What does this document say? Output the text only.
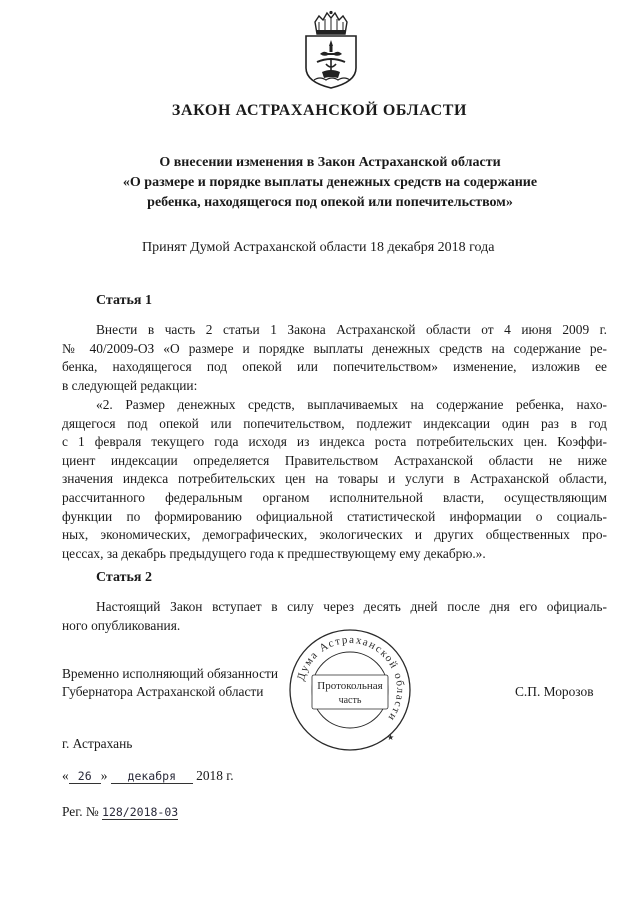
ЗАКОН АСТРАХАНСКОЙ ОБЛАСТИ
О внесении изменения в Закон Астраханской области
«О размере и порядке выплаты денежных средств на содержание
ребенка, находящегося под опекой или попечительством»
Принят Думой Астраханской области 18 декабря 2018 года
Статья 1
Внести в часть 2 статьи 1 Закона Астраханской области от 4 июня 2009 г.
№ 40/2009-ОЗ «О размере и порядке выплаты денежных средств на содержание ре-
бенка, находящегося под опекой или попечительством» изменение, изложив ее
в следующей редакции:
«2. Размер денежных средств, выплачиваемых на содержание ребенка, нахо-
дящегося под опекой или попечительством, подлежит индексации один раз в год
с 1 февраля текущего года исходя из индекса роста потребительских цен. Коэффи-
циент индексации определяется Правительством Астраханской области не ниже
значения индекса потребительских цен на товары и услуги в Астраханской области,
рассчитанного федеральным органом исполнительной власти, осуществляющим
функции по формированию официальной статистической информации о социаль-
ных, экономических, демографических, экологических и других общественных про-
цессах, за декабрь предыдущего года к предшествующему ему декабрю.».
Статья 2
Настоящий Закон вступает в силу через десять дней после дня его официаль-
ного опубликования.
Временно исполняющий обязанности
Губернатора Астраханской области	С.П. Морозов
Дума Астраханской области
★
Протокольная
часть
г. Астрахань
« 26 » декабря 2018 г.
Рег. № 128/2018-03
